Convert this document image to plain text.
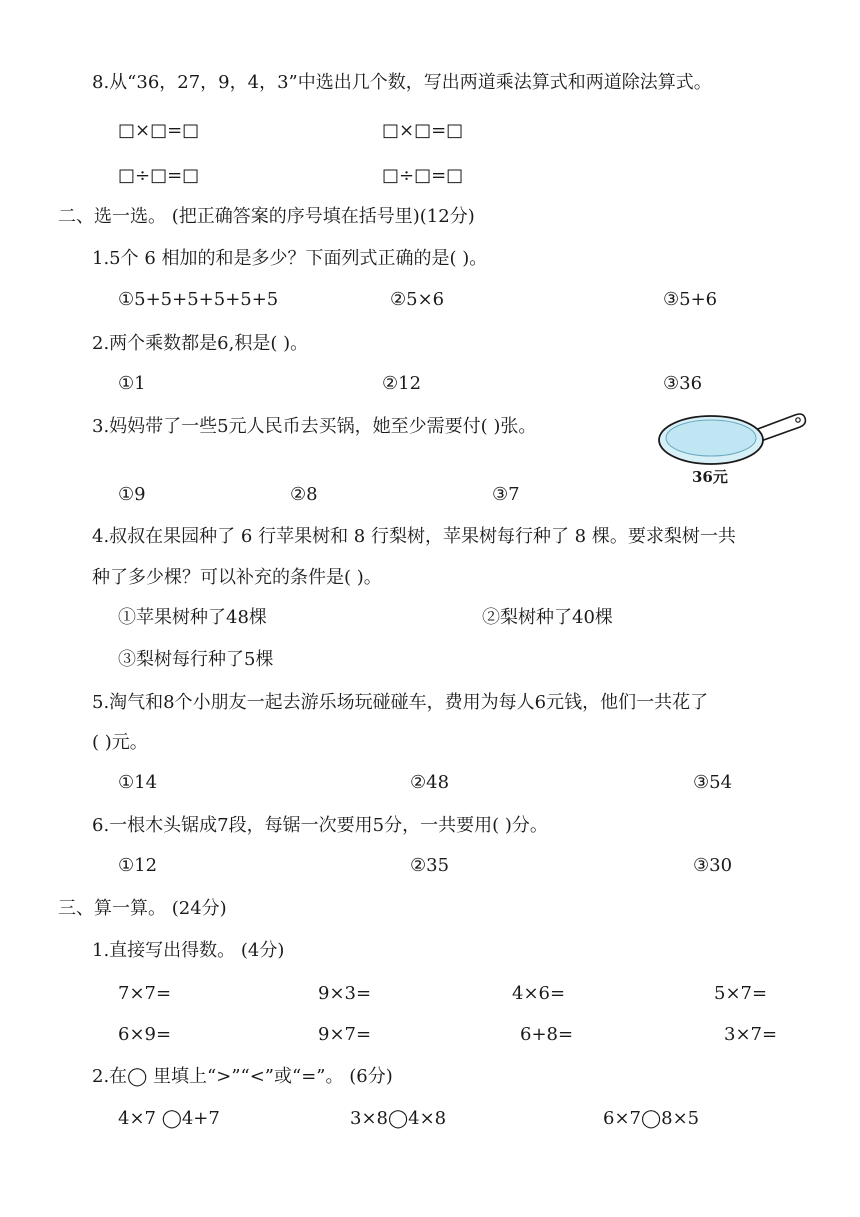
8.从“36，27，9，4，3”中选出几个数，写出两道乘法算式和两道除法算式。
□×□=□	□×□=□
□÷□=□	□÷□=□
二、选一选。 (把正确答案的序号填在括号里)(12分)
1.5个 6 相加的和是多少？下面列式正确的是( )。
①5+5+5+5+5+5	②5×6	③5+6
2.两个乘数都是6,积是( )。
①1	②12	③36
3.妈妈带了一些5元人民币去买锅，她至少需要付( )张。
36元
①9	②8	③7
4.叔叔在果园种了 6 行苹果树和 8 行梨树，苹果树每行种了 8 棵。要求梨树一共
种了多少棵？可以补充的条件是( )。
①苹果树种了48棵	②梨树种了40棵
③梨树每行种了5棵
5.淘气和8个小朋友一起去游乐场玩碰碰车，费用为每人6元钱，他们一共花了
( )元。
①14	②48	③54
6.一根木头锯成7段，每锯一次要用5分，一共要用( )分。
①12	②35	③30
三、算一算。 (24分)
1.直接写出得数。 (4分)
7×7=	9×3=	4×6=	5×7=
6×9=	9×7=	6+8=	3×7=
2.在◯ 里填上“>”“<”或“=”。 (6分)
4×7 ◯4+7	3×8◯4×8	6×7◯8×5
